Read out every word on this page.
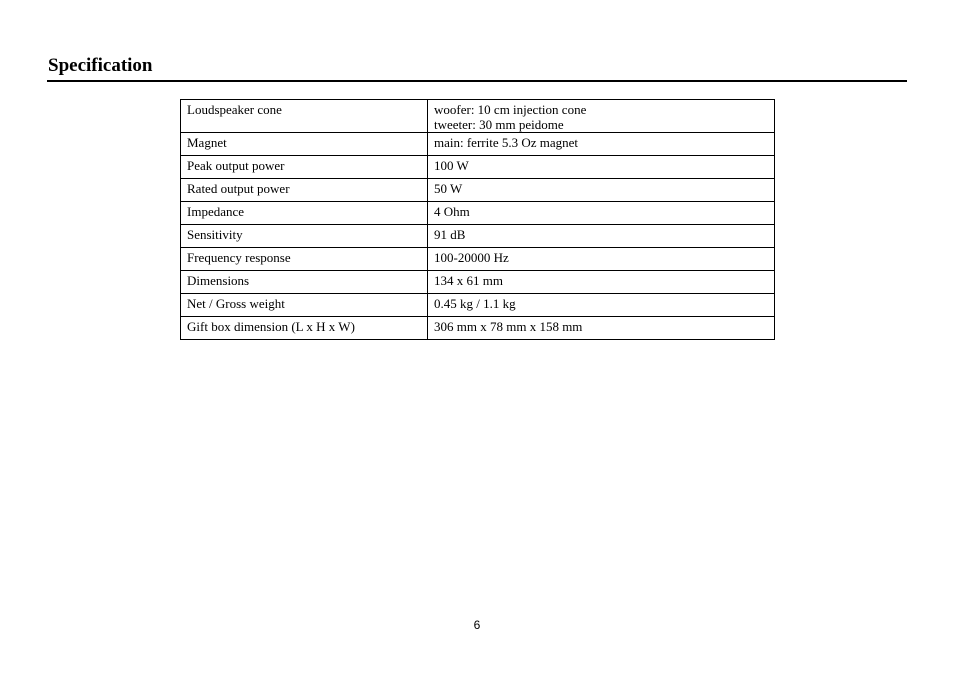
Specification
Loudspeaker cone	woofer: 10 cm injection cone
tweeter: 30 mm peidome

Magnet	main: ferrite 5.3 Oz magnet
Peak output power	100 W
Rated output power	50 W
Impedance	4 Ohm
Sensitivity	91 dB
Frequency response	100-20000 Hz
Dimensions	134 x 61 mm
Net / Gross weight	0.45 kg / 1.1 kg
Gift box dimension (L x H x W)	306 mm x 78 mm x 158 mm
6
